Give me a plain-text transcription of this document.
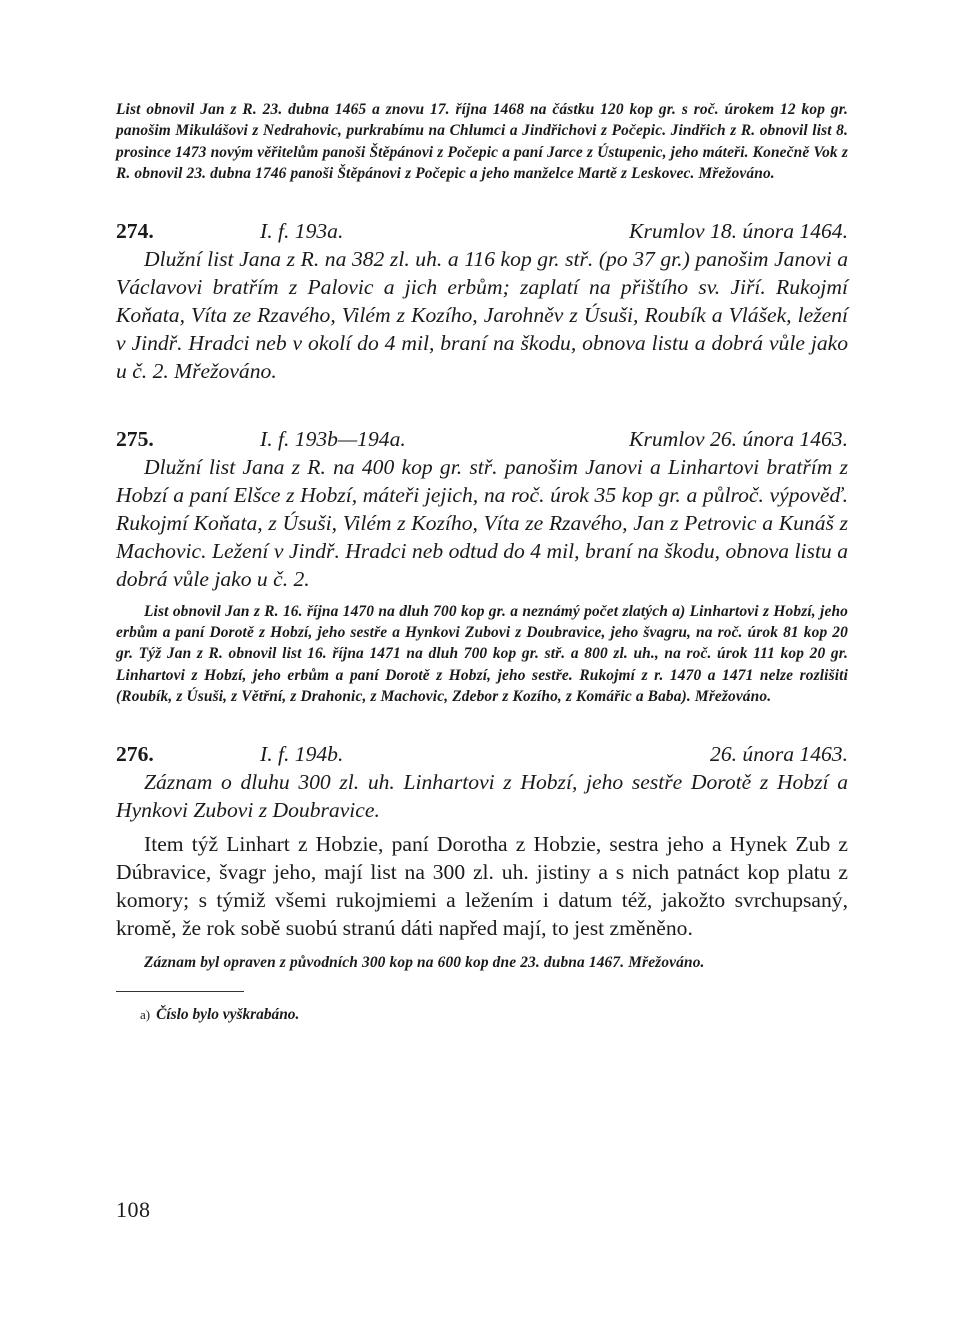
List obnovil Jan z R. 23. dubna 1465 a znovu 17. října 1468 na částku 120 kop gr. s roč. úrokem 12 kop gr. panošim Mikulášovi z Nedrahovic, purkrabímu na Chlumci a Jindřichovi z Počepic. Jindřich z R. obnovil list 8. prosince 1473 novým věřitelům panoši Štěpánovi z Počepic a paní Jarce z Ústupenic, jeho máteři. Konečně Vok z R. obnovil 23. dubna 1746 panoši Štěpánovi z Počepic a jeho manželce Martě z Leskovec. Mřežováno.

274.	I. f. 193a.	Krumlov 18. února 1464.

Dlužní list Jana z R. na 382 zl. uh. a 116 kop gr. stř. (po 37 gr.) panošim Janovi a Václavovi bratřím z Palovic a jich erbům; zaplatí na přištího sv. Jiří. Rukojmí Koňata, Víta ze Rzavého, Vilém z Kozího, Jarohněv z Úsuši, Roubík a Vlášek, ležení v Jindř. Hradci neb v okolí do 4 mil, braní na škodu, obnova listu a dobrá vůle jako u č. 2. Mřežováno.

275.	I. f. 193b—194a.	Krumlov 26. února 1463.

Dlužní list Jana z R. na 400 kop gr. stř. panošim Janovi a Linhartovi bratřím z Hobzí a paní Elšce z Hobzí, máteři jejich, na roč. úrok 35 kop gr. a půlroč. výpověď. Rukojmí Koňata, z Úsuši, Vilém z Kozího, Víta ze Rzavého, Jan z Petrovic a Kunáš z Machovic. Ležení v Jindř. Hradci neb odtud do 4 mil, braní na škodu, obnova listu a dobrá vůle jako u č. 2.

List obnovil Jan z R. 16. října 1470 na dluh 700 kop gr. a neznámý počet zlatých a) Linhartovi z Hobzí, jeho erbům a paní Dorotě z Hobzí, jeho sestře a Hynkovi Zubovi z Doubravice, jeho švagru, na roč. úrok 81 kop 20 gr. Týž Jan z R. obnovil list 16. října 1471 na dluh 700 kop gr. stř. a 800 zl. uh., na roč. úrok 111 kop 20 gr. Linhartovi z Hobzí, jeho erbům a paní Dorotě z Hobzí, jeho sestře. Rukojmí z r. 1470 a 1471 nelze rozlišiti (Roubík, z Úsuši, z Větřní, z Drahonic, z Machovic, Zdebor z Kozího, z Komářic a Baba). Mřežováno.

276.	I. f. 194b.	26. února 1463.

Záznam o dluhu 300 zl. uh. Linhartovi z Hobzí, jeho sestře Dorotě z Hobzí a Hynkovi Zubovi z Doubravice.

Item týž Linhart z Hobzie, paní Dorotha z Hobzie, sestra jeho a Hynek Zub z Dúbravice, švagr jeho, mají list na 300 zl. uh. jistiny a s nich patnáct kop platu z komory; s týmiž všemi rukojmiemi a ležením i datum též, jakožto svrchupsaný, kromě, že rok sobě suobú stranú dáti napřed mají, to jest změněno.

Záznam byl opraven z původních 300 kop na 600 kop dne 23. dubna 1467. Mřežováno.

a) Číslo bylo vyškrabáno.
108
